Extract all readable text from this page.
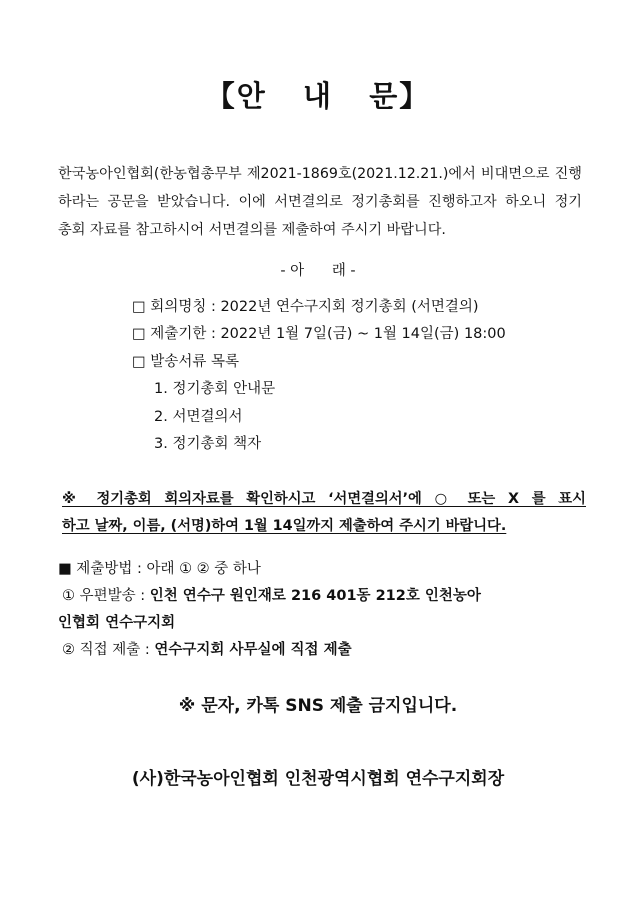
【안   내   문】
한국농아인협회(한농협총무부 제2021-1869호(2021.12.21.)에서 비대면으로 진행
하라는 공문을 받았습니다. 이에 서면결의로 정기총회를 진행하고자 하오니 정기
총회 자료를 참고하시어 서면결의를 제출하여 주시기 바랍니다.
- 아      래 -
□ 회의명칭 : 2022년 연수구지회 정기총회 (서면결의)
□ 제출기한 : 2022년 1월 7일(금) ~ 1월 14일(금) 18:00
□ 발송서류 목록
1. 정기총회 안내문
2. 서면결의서
3. 정기총회 책자
※ 정기총회 회의자료를 확인하시고 ‘서면결의서’에 ○ 또는 X 를 표시
하고 날짜, 이름, (서명)하여 1월 14일까지 제출하여 주시기 바랍니다.
■ 제출방법 : 아래 ① ② 중 하나
① 우편발송 : 인천 연수구 원인재로 216 401동 212호 인천농아
인협회 연수구지회
② 직접 제출 : 연수구지회 사무실에 직접 제출
※ 문자, 카톡 SNS 제출 금지입니다.
(사)한국농아인협회 인천광역시협회 연수구지회장
